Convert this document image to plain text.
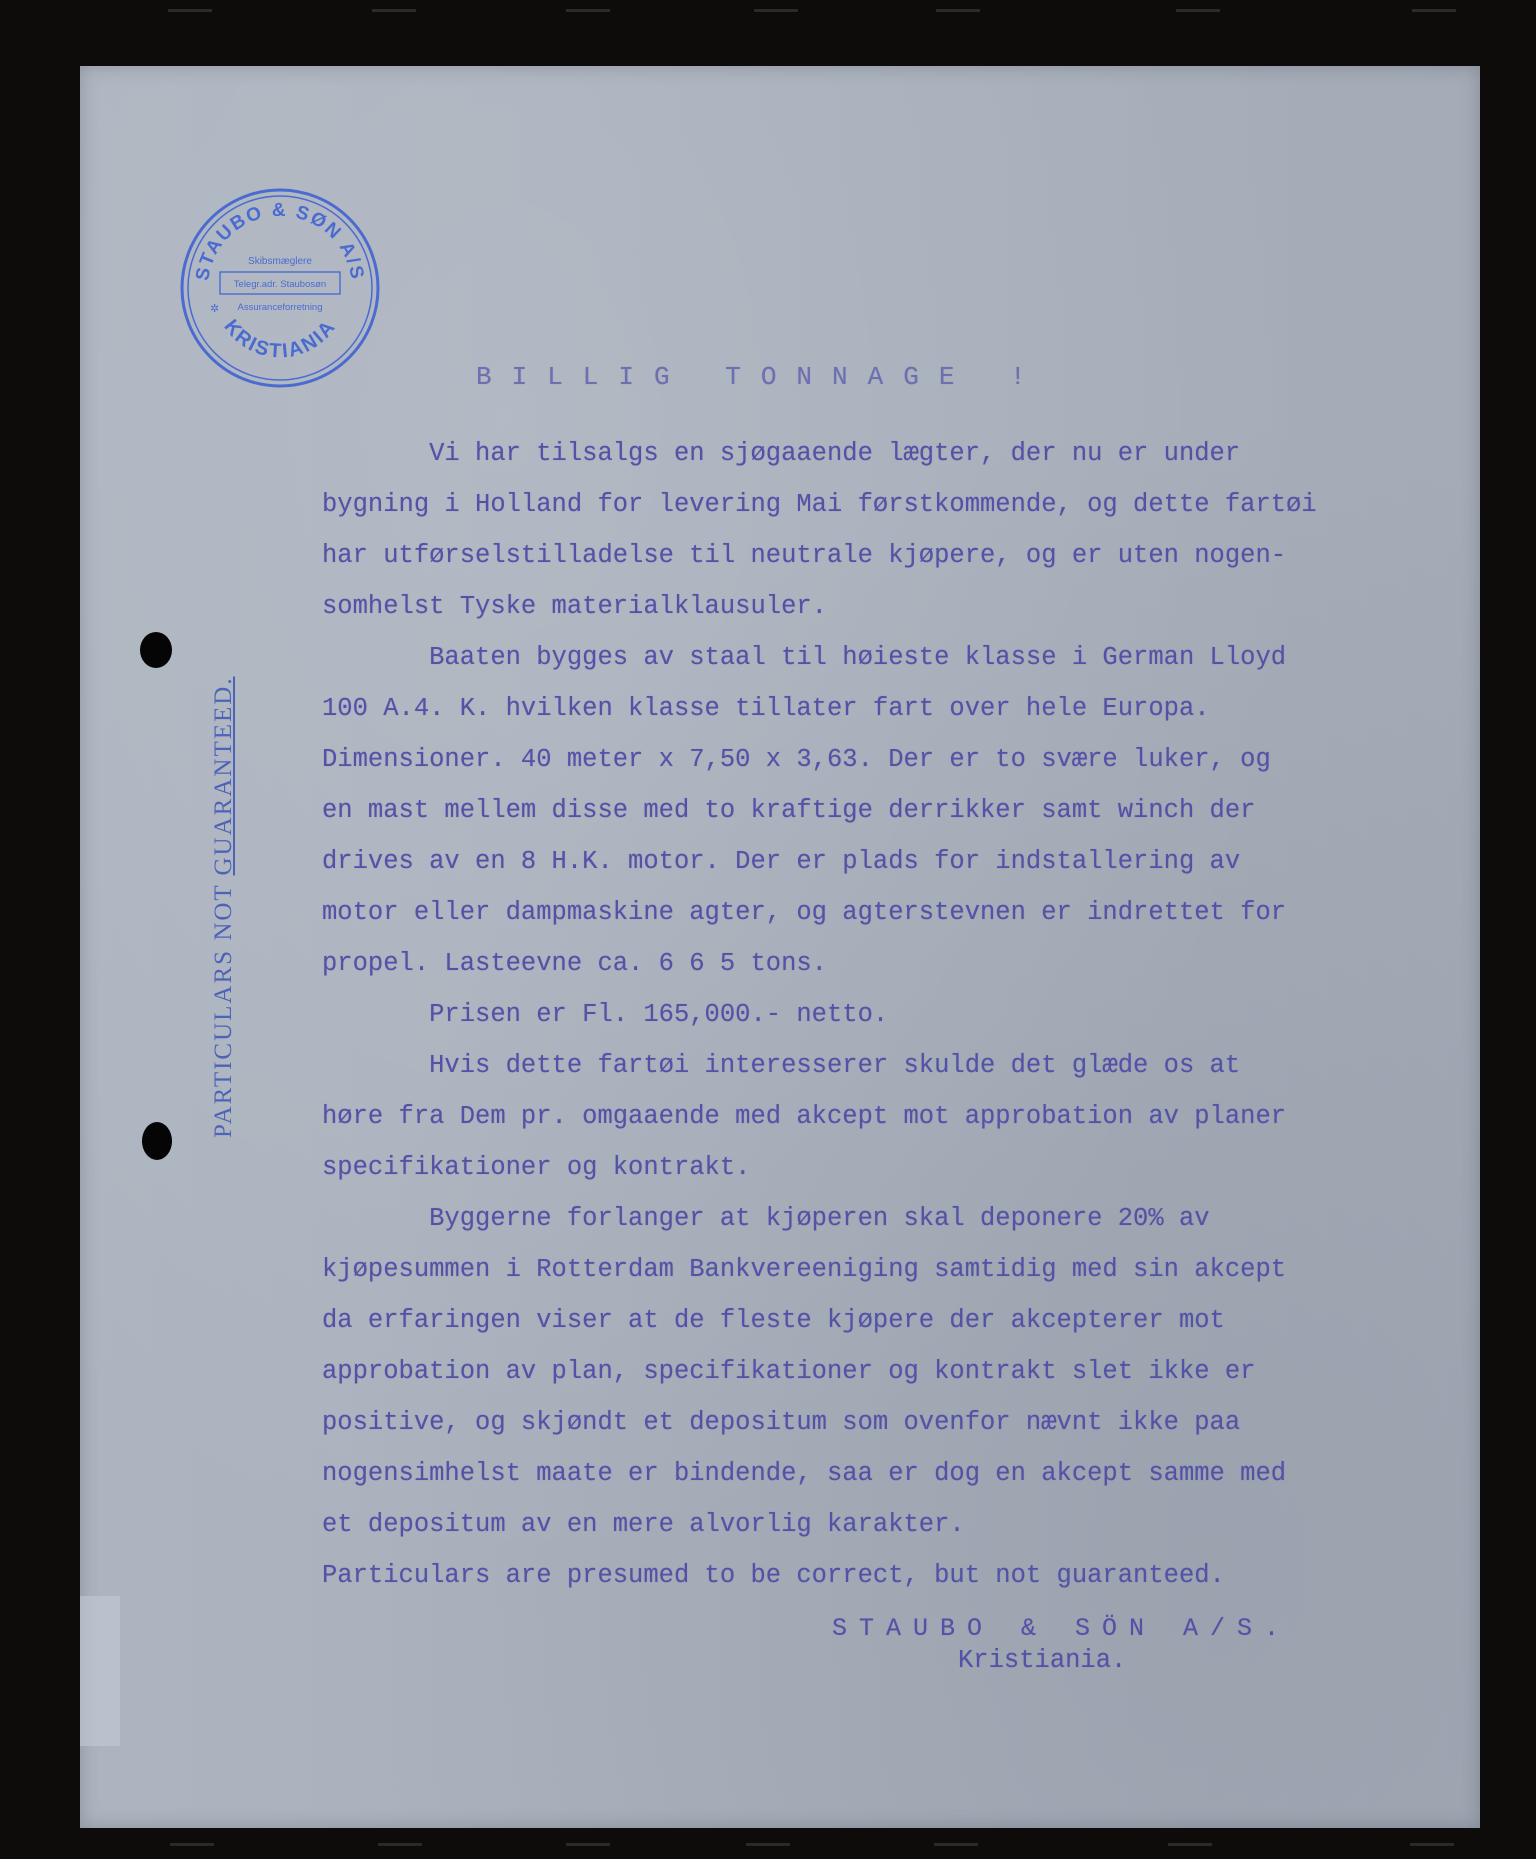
STAUBO & SØN A/S
KRISTIANIA
Skibsmæglere
Telegr.adr. Staubosøn
Assuranceforretning
✲
PARTICULARS NOT GUARANTEED.
BILLIG TONNAGE !
Vi har tilsalgs en sjøgaaende lægter, der nu er under
bygning i Holland for levering Mai førstkommende, og dette fartøi
har utførselstilladelse til neutrale kjøpere, og er uten nogen-
somhelst Tyske materialklausuler.
Baaten bygges av staal til høieste klasse i German Lloyd
100 A.4. K. hvilken klasse tillater fart over hele Europa.
Dimensioner. 40 meter x 7,50 x 3,63. Der er to svære luker, og
en mast mellem disse med to kraftige derrikker samt winch der
drives av en 8 H.K. motor. Der er plads for indstallering av
motor eller dampmaskine agter, og agterstevnen er indrettet for
propel. Lasteevne ca. 6 6 5 tons.
Prisen er Fl. 165,000.- netto.
Hvis dette fartøi interesserer skulde det glæde os at
høre fra Dem pr. omgaaende med akcept mot approbation av planer
specifikationer og kontrakt.
Byggerne forlanger at kjøperen skal deponere 20% av
kjøpesummen i Rotterdam Bankvereeniging samtidig med sin akcept
da erfaringen viser at de fleste kjøpere der akcepterer mot
approbation av plan, specifikationer og kontrakt slet ikke er
positive, og skjøndt et depositum som ovenfor nævnt ikke paa
nogensimhelst maate er bindende, saa er dog en akcept samme med
et depositum av en mere alvorlig karakter.
Particulars are presumed to be correct, but not guaranteed.
STAUBO & SÖN A/S.
Kristiania.
